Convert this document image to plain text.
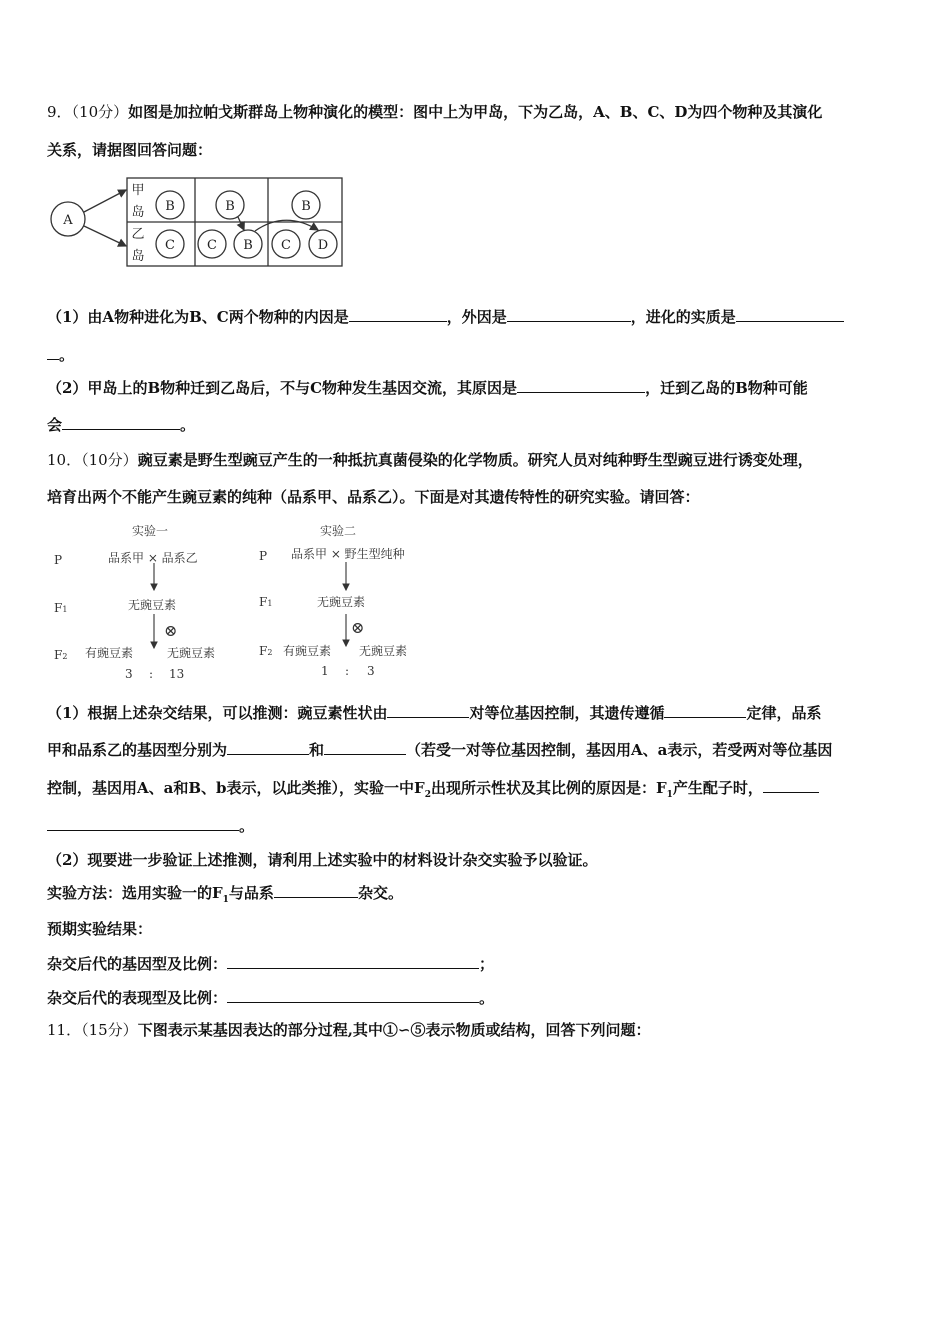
9．（10分）如图是加拉帕戈斯群岛上物种演化的模型：图中上为甲岛，下为乙岛，A、B、C、D为四个物种及其演化
关系，请据图回答问题：
A
甲
岛
乙
岛
B
C
B
C B
B
C D
（1）由A物种进化为B、C两个物种的内因是	，外因是	，进化的实质是
。
（2）甲岛上的B物种迁到乙岛后，不与C物种发生基因交流，其原因是	，迁到乙岛的B物种可能
会	。
10．（10分）豌豆素是野生型豌豆产生的一种抵抗真菌侵染的化学物质。研究人员对纯种野生型豌豆进行诱变处理，
培育出两个不能产生豌豆素的纯种（品系甲、品系乙）。下面是对其遗传特性的研究实验。请回答：
实验一
P	品系甲 × 品系乙
F1	无豌豆素
⊗
F2 有豌豆素	无豌豆素
3 : 13
实验二
P 品系甲 × 野生型纯种
F1	无豌豆素
⊗
F2 有豌豆素 无豌豆素
1 : 3
（1）根据上述杂交结果，可以推测：豌豆素性状由	对等位基因控制，其遗传遵循	定律，品系
甲和品系乙的基因型分别为	和	（若受一对等位基因控制，基因用A、a表示，若受两对等位基因
控制，基因用A、a和B、b表示，以此类推），实验一中$F_2$出现所示性状及其比例的原因是：$F_1$产生配子时，
。
（2）现要进一步验证上述推测，请利用上述实验中的材料设计杂交实验予以验证。
实验方法：选用实验一的$F_1$与品系	杂交。
预期实验结果：
杂交后代的基因型及比例：	；
杂交后代的表现型及比例：	。
11．（15分）下图表示某基因表达的部分过程,其中①∽⑤表示物质或结构，回答下列问题：
